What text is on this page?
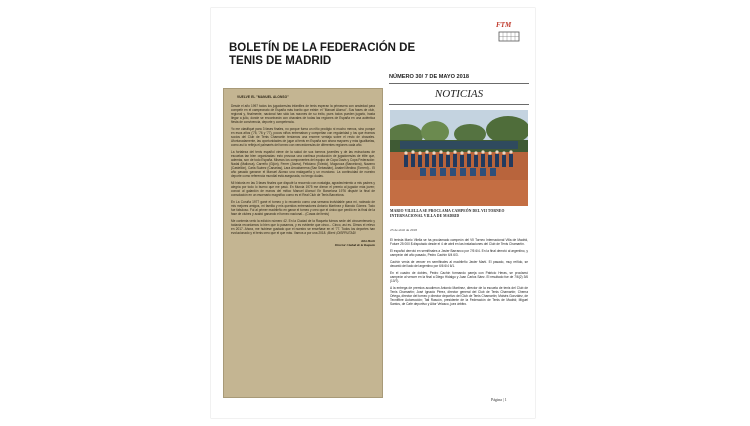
FTM
BOLETÍN DE LA FEDERACIÓN DE TENIS DE MADRID
VUELVE EL "MANUEL ALONSO"

Desde el año 1997 todos los jugadores/as infantiles de tenis esperan la primavera con ansiedad para competir en el campeonato de España más bonito que existe: el "Manuel Alonso". Sus fases de club, regional y, finalmente, nacional han sido las razones de su éxito, pues todos pueden jugarlo, hasta llegar a julio, donde se encontrarán con chavales de todas las regiones de España en una auténtica fiesta de convivencia, deporte y competencia.

Yo me clasifiqué para 3 fases finales, no porque fuera un niño prodigio ni mucho menos, sino porque en esos años ('75, '76 y '77), pocos niños entrenaban y competían con regularidad y los que éramos socios del Club de Tenis Chamartín teníamos una enorme ventaja sobre el resto de chavales. Afortunadamente, las oportunidades de jugar al tenis en España son ahora mayores y más igualitarias, como así lo refleja el palmarés del torneo con vencedores/as de diferentes regiones cada año.

La fortaleza del tenis español viene de la salud de sus torneos juveniles y de las estructuras de escuelas tan bien organizadas: esto provoca una continua producción de jugadores/as de élite que, además, son de todo España. Mismos los componentes del equipo de Copa Davis y Copa Federación: Nadal (Mallorca), Carreño (Gijón), Ferrer (Jávea), Feliciano (Toledo), Muguruza (Barcelona), Navarro (Castellón), Carla Suárez (Canarias), Lara Arruabarrena (San Sebastián), Anabel Medina (Torrent)... El año pasado ganaron el Manuel Alonso una malagueña y un murciano. La continuidad de nuestro deporte como referencia mundial está asegurada, no tengo dudas.

Mi historia en las 3 fases finales que disputé la recuerdo con nostalgia, agradecimiento a mis padres y alegría por todo lo bueno que me pasó. En Murcia 1975 me dieron el premio al jugador más joven; conocí al galardón de manos del mítico Manuel Alonso! En Barcelona 1976 disputé la final de consolación en un escenario magnífico como es el Real Club de Tenis Barcelona.

En La Coruña 1977 gané el torneo y lo recuerdo como una semana inolvidable para mí, rodeado de mis mejores amigos, mi familia y mis queridos entrenadores Antonio Martínez y Manolo Gómez. Todo fue fabuloso. Fui al primer madrileño en ganar el torneo y creo que el único que perdió en la final de la fase de clubes y acabó ganando el torneo nacional... (Cosas del tenis)

Me contenta verlo la edición número 42. En la Ciudad de la Raqueta fuimos sede del cincuentenario y todavía recordamos lo bien que lo pasamos, y es evidente que cinco... Cinco, así es. Dimos el relevo en 2017. Ahora, me hubiese gustado que el nuestro se enseñase en el '77. Todos los deportes han evolucionado y el tenis creo que el que más. Vamos a por una 2018. ¡Bien! ¡DISFRUTAD!

Kiki Martí

Director Ciudad de la Raqueta

NÚMERO 30/ 7 DE MAYO 2018
NOTICIAS
MARIO VILELLA SE PROCLAMA CAMPEÓN DEL VII TORNEO INTERNACIONAL VILLA DE MADRID
23 de abril de 2018

El tenista Mario Vilella se ha proclamado campeón del VII Torneo Internacional Villa de Madrid, Future 25 000 $ disputado desde el 4 de abril en las instalaciones del Club de Tenis Chamartín.

El español derrotó en semifinales a Javier Barranco por 7/5 6/4. En la final derrotó al argentino, y campeón del año pasado, Pedro Cachín 6/4 6/3.

Cachín venía de vencer en semifinales al madrileño Javier Martí. El pasado, muy reñido, se decantó del lado del argentino por 6/6 6/4 6/1.

En el cuadro de dobles, Pedro Cachín formando pareja con Patricio Heras, se proclamó campeón al vencer en la final a Diego Hidalgo y Juan Carlos Sáez. El resultado fue de 7/6(2) 3/6 (10/7).

A la entrega de premios acudieron Antonio Martínez, director de la escuela de tenis del Club de Tenis Chamartín; José Ignacio Pérez, director general del Club de Tenis Chamartín; Chema Ortega, director del torneo y director deportivo del Club de Tenis Chamartín; Moisés González, de Tecnifibre Automoción; Tati Rascón, presidente de la Federación de Tenis de Madrid; Miguel Santos, de Cafe deportivo y Aitor Velasco, juez árbitro.

Página | 1
